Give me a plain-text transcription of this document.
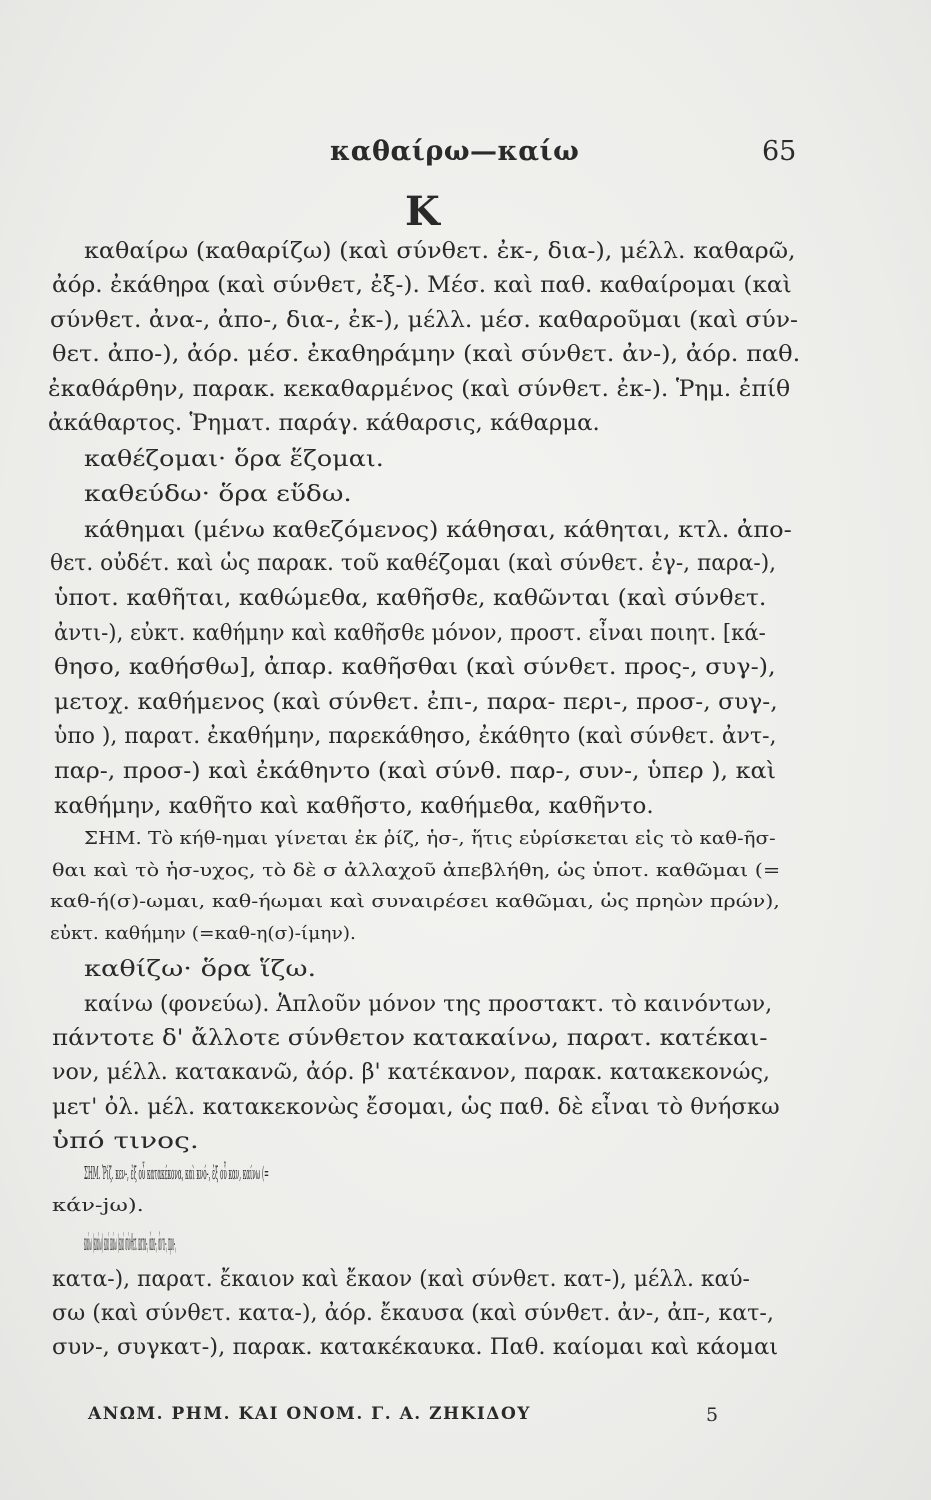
καθαίρω—καίω	65
Κ
καθαίρω (καθαρίζω) (καὶ σύνθετ. ἐκ-, δια-), μέλλ. καθαρῶ,
ἀόρ. ἐκάθηρα (καὶ σύνθετ, ἐξ-). Μέσ. καὶ παθ. καθαίρομαι (καὶ
σύνθετ. ἀνα-, ἀπο-, δια-, ἐκ-), μέλλ. μέσ. καθαροῦμαι (καὶ σύν-
θετ. ἀπο-), ἀόρ. μέσ. ἐκαθηράμην (καὶ σύνθετ. ἀν-), ἀόρ. παθ.
ἐκαθάρθην, παρακ. κεκαθαρμένος (καὶ σύνθετ. ἐκ-). Ῥημ. ἐπίθ
ἀκάθαρτος. Ῥηματ. παράγ. κάθαρσις, κάθαρμα.
καθέζομαι· ὅρα ἕζομαι.
καθεύδω· ὅρα εὕδω.
κάθημαι (μένω καθεζόμενος) κάθησαι, κάθηται, κτλ. ἀπο-
θετ. οὐδέτ. καὶ ὡς παρακ. τοῦ καθέζομαι (καὶ σύνθετ. ἐγ-, παρα-),
ὑποτ. καθῆται, καθώμεθα, καθῆσθε, καθῶνται (καὶ σύνθετ.
ἀντι-), εὐκτ. καθήμην καὶ καθῆσθε μόνον, προστ. εἶναι ποιητ. [κά-
θησο, καθήσθω], ἀπαρ. καθῆσθαι (καὶ σύνθετ. προς-, συγ-),
μετοχ. καθήμενος (καὶ σύνθετ. ἐπι-, παρα- περι-, προσ-, συγ-,
ὑπο ), παρατ. ἐκαθήμην, παρεκάθησο, ἐκάθητο (καὶ σύνθετ. ἀντ-,
παρ-, προσ-) καὶ ἐκάθηντο (καὶ σύνθ. παρ-, συν-, ὑπερ ), καὶ
καθήμην, καθῆτο καὶ καθῆστο, καθήμεθα, καθῆντο.
ΣΗΜ. Τὸ κήθ-ημαι γίνεται ἐκ ῥίζ, ἡσ-, ἥτις εὑρίσκεται εἰς τὸ καθ-ῆσ-
θαι καὶ τὸ ἡσ-υχος, τὸ δὲ σ ἀλλαχοῦ ἀπεβλήθη, ὡς ὑποτ. καθῶμαι (=
καθ-ή(σ)-ωμαι, καθ-ήωμαι καὶ συναιρέσει καθῶμαι, ὡς πρηὼν πρών),
εὐκτ. καθήμην (=καθ-η(σ)-ίμην).
καθίζω· ὅρα ἵζω.
καίνω (φονεύω). Ἁπλοῦν μόνον της προστακτ. τὸ καινόντων,
πάντοτε δ' ἄλλοτε σύνθετον κατακαίνω, παρατ. κατέκαι-
νον, μέλλ. κατακανῶ, ἀόρ. β' κατέκανον, παρακ. κατακεκονώς,
μετ' ὀλ. μέλ. κατακεκονὼς ἔσομαι, ὡς παθ. δὲ εἶναι τὸ θνήσκω
ὑπό τινος.
ΣΗΜ. Ῥίζ. κεν-, ἐξ οὗ κατακέκονα, καὶ κνό-, ἐξ οὗ καν, καίνω (=
κάν-jω).
καίω (καίω) καὶ κάω (καὶ σύνθετ. κατα-, ἀπο-, ἀντι-, προ-,
κατα-), παρατ. ἔκαιον καὶ ἔκαον (καὶ σύνθετ. κατ-), μέλλ. καύ-
σω (καὶ σύνθετ. κατα-), ἀόρ. ἔκαυσα (καὶ σύνθετ. ἀν-, ἀπ-, κατ-,
συν-, συγκατ-), παρακ. κατακέκαυκα. Παθ. καίομαι καὶ κάομαι
ΑΝΩΜ. ΡΗΜ. ΚΑΙ ΟΝΟΜ. Γ. Α. ΖΗΚΙΔΟΥ	5
